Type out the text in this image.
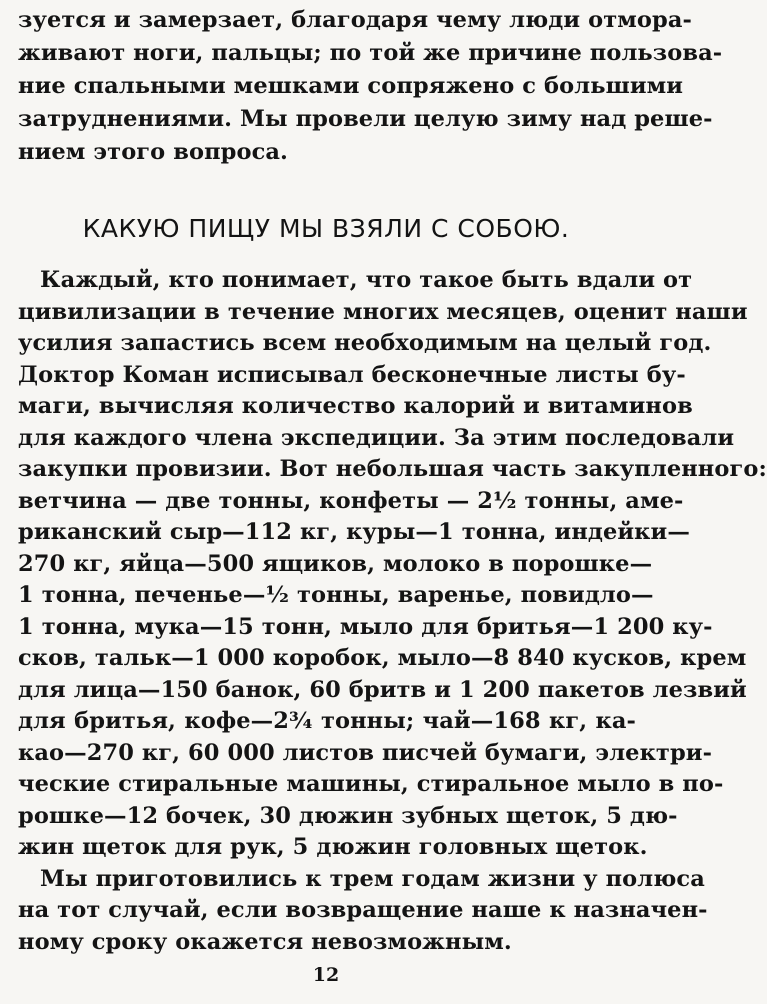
зуется и замерзает, благодаря чему люди отмора-
живают ноги, пальцы; по той же причине пользова-
ние спальными мешками сопряжено с большими
затруднениями. Мы провели целую зиму над реше-
нием этого вопроса.
КАКУЮ ПИЩУ МЫ ВЗЯЛИ С СОБОЮ.
Каждый, кто понимает, что такое быть вдали от
цивилизации в течение многих месяцев, оценит наши
усилия запастись всем необходимым на целый год.
Доктор Коман исписывал бесконечные листы бу-
маги, вычисляя количество калорий и витаминов
для каждого члена экспедиции. За этим последовали
закупки провизии. Вот небольшая часть закупленного:
ветчина — две тонны, конфеты — 2½ тонны, аме-
риканский сыр—112 кг, куры—1 тонна, индейки—
270 кг, яйца—500 ящиков, молоко в порошке—
1 тонна, печенье—½ тонны, варенье, повидло—
1 тонна, мука—15 тонн, мыло для бритья—1 200 ку-
сков, тальк—1 000 коробок, мыло—8 840 кусков, крем
для лица—150 банок, 60 бритв и 1 200 пакетов лезвий
для бритья, кофе—2¾ тонны; чай—168 кг, ка-
као—270 кг, 60 000 листов писчей бумаги, электри-
ческие стиральные машины, стиральное мыло в по-
рошке—12 бочек, 30 дюжин зубных щеток, 5 дю-
жин щеток для рук, 5 дюжин головных щеток.
Мы приготовились к трем годам жизни у полюса
12
на тот случай, если возвращение наше к назначен-
ному сроку окажется невозможным.
